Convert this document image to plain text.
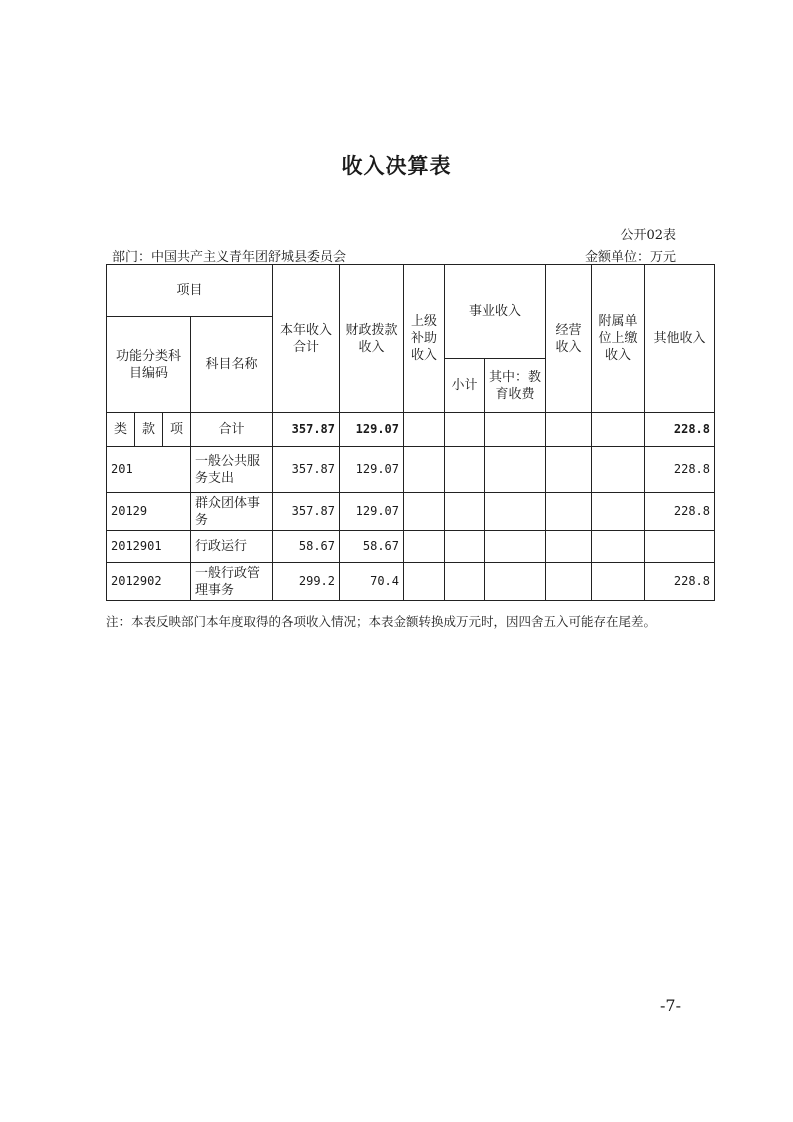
收入决算表
公开02表
部门：中国共产主义青年团舒城县委员会	金额单位：万元
项目				本年收入合计	财政拨款收入	上级补助收入	事业收入		经营收入	附属单位上缴收入	其他收入
功能分类科目编码			科目名称								
							小计	其中：教育收费			
类	款	项	合计	357.87	129.07						228.8
201			一般公共服务支出	357.87	129.07						228.8
20129			群众团体事务	357.87	129.07						228.8
2012901			行政运行	58.67	58.67						
2012902			一般行政管理事务	299.2	70.4						228.8
注：本表反映部门本年度取得的各项收入情况；本表金额转换成万元时，因四舍五入可能存在尾差。
-7-
